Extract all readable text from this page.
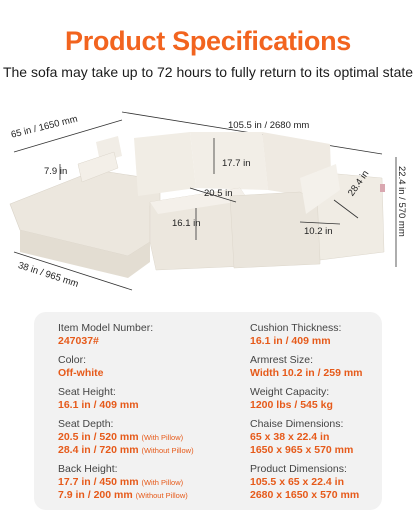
Product Specifications
The sofa may take up to 72 hours to fully return to its optimal state
65 in / 1650 mm	105.5 in / 2680 mm
22.4 in / 570 mm
7.9 in
17.7 in
20.5 in
16.1 in
28.4 in
10.2 in
38 in / 965 mm
Item Model Number:
247037#
Color:
Off-white
Seat Height:
16.1 in / 409 mm
Seat Depth:
20.5 in / 520 mm (With Pillow)
28.4 in / 720 mm (Without Pillow)
Back Height:
17.7 in / 450 mm (With Pillow)
7.9 in / 200 mm (Without Pillow)
Cushion Thickness:
16.1 in / 409 mm
Armrest Size:
Width 10.2 in / 259 mm
Weight Capacity:
1200 lbs / 545 kg
Chaise Dimensions:
65 x 38 x 22.4 in
1650 x 965 x 570 mm
Product Dimensions:
105.5 x 65 x 22.4 in
2680 x 1650 x 570 mm
